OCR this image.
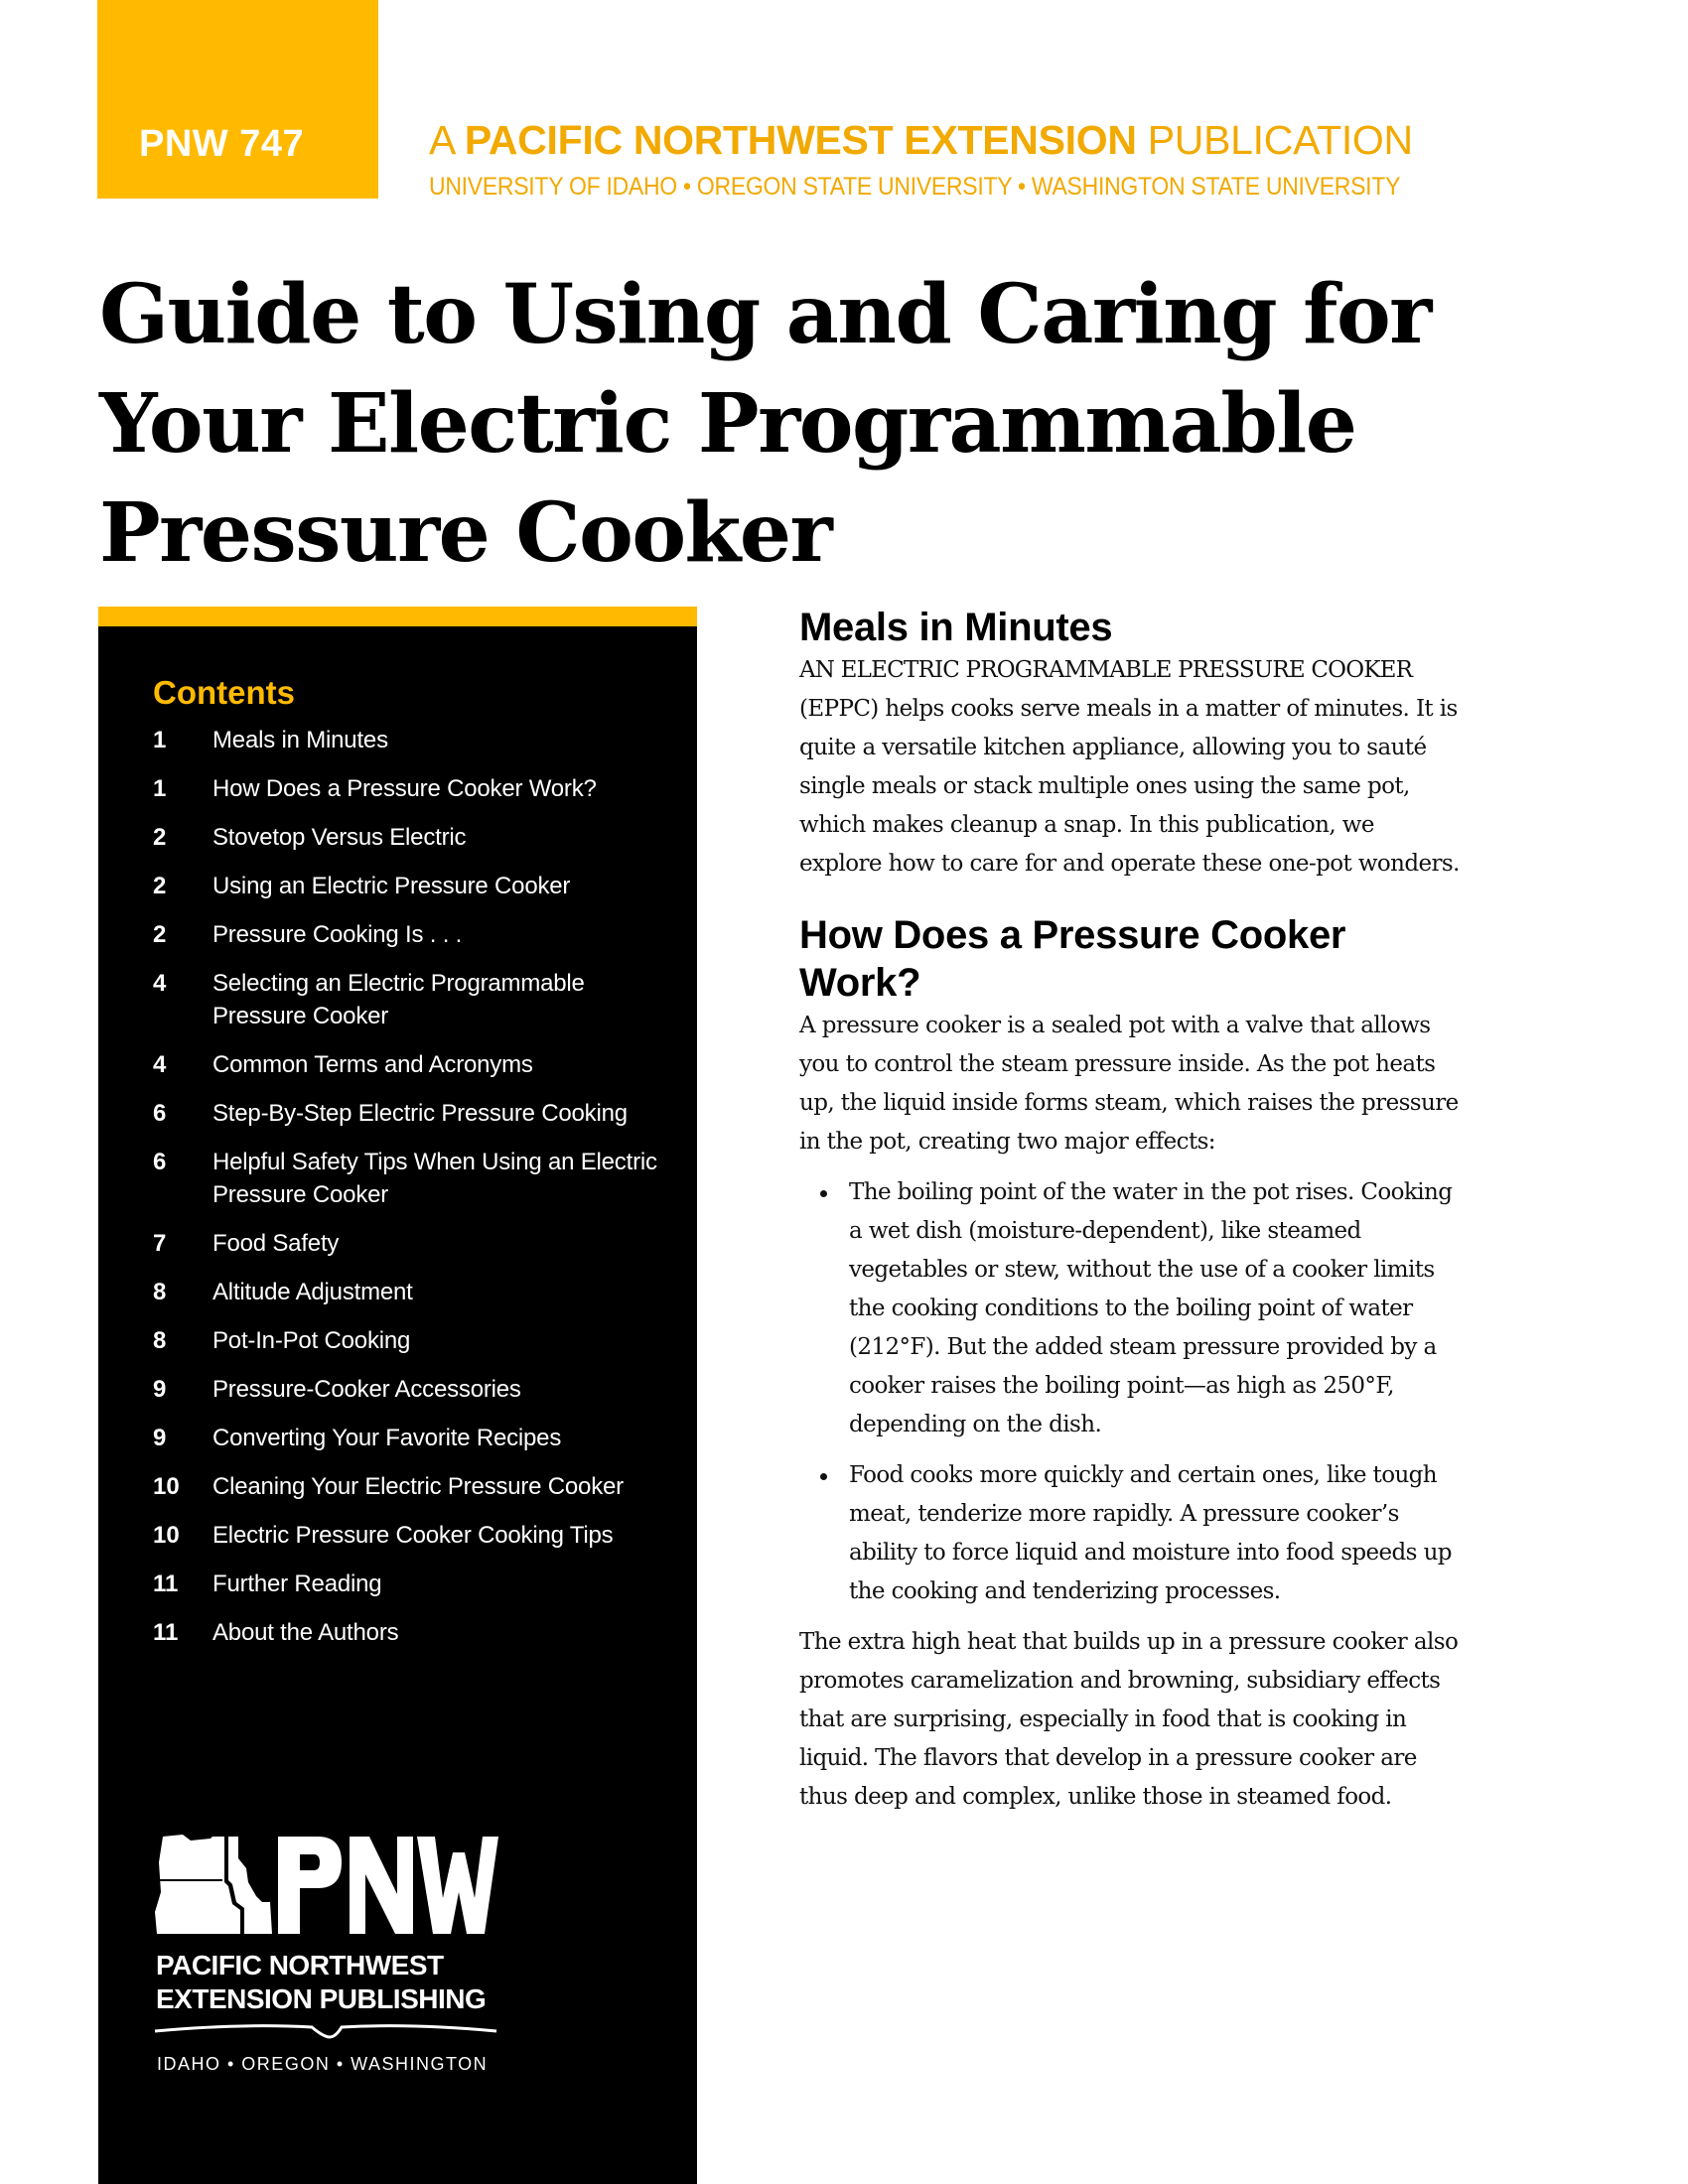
PNW 747	A PACIFIC NORTHWEST EXTENSION PUBLICATION
UNIVERSITY OF IDAHO • OREGON STATE UNIVERSITY • WASHINGTON STATE UNIVERSITY
Guide to Using and Caring for
Your Electric Programmable
Pressure Cooker
Contents
1	Meals in Minutes
1	How Does a Pressure Cooker Work?
2	Stovetop Versus Electric
2	Using an Electric Pressure Cooker
2	Pressure Cooking Is . . .
4	Selecting an Electric Programmable Pressure Cooker
4	Common Terms and Acronyms
6	Step-By-Step Electric Pressure Cooking
6	Helpful Safety Tips When Using an Electric Pressure Cooker
7	Food Safety
8	Altitude Adjustment
8	Pot-In-Pot Cooking
9	Pressure-Cooker Accessories
9	Converting Your Favorite Recipes
10	Cleaning Your Electric Pressure Cooker
10	Electric Pressure Cooker Cooking Tips
11	Further Reading
11	About the Authors
PACIFIC NORTHWEST
EXTENSION PUBLISHING
IDAHO • OREGON • WASHINGTON
Meals in Minutes

AN ELECTRIC PROGRAMMABLE PRESSURE COOKER (EPPC) helps cooks serve meals in a matter of minutes. It is quite a versatile kitchen appliance, allowing you to sauté single meals or stack multiple ones using the same pot, which makes cleanup a snap. In this publication, we explore how to care for and operate these one-pot wonders.

How Does a Pressure Cooker Work?

A pressure cooker is a sealed pot with a valve that allows you to control the steam pressure inside. As the pot heats up, the liquid inside forms steam, which raises the pressure in the pot, creating two major effects:

The boiling point of the water in the pot rises. Cooking a wet dish (moisture-dependent), like steamed vegetables or stew, without the use of a cooker limits the cooking conditions to the boiling point of water (212°F). But the added steam pressure provided by a cooker raises the boiling point—as high as 250°F, depending on the dish.
Food cooks more quickly and certain ones, like tough meat, tenderize more rapidly. A pressure cooker’s ability to force liquid and moisture into food speeds up the cooking and tenderizing processes.

The extra high heat that builds up in a pressure cooker also promotes caramelization and browning, subsidiary effects that are surprising, especially in food that is cooking in liquid. The flavors that develop in a pressure cooker are thus deep and complex, unlike those in steamed food.
